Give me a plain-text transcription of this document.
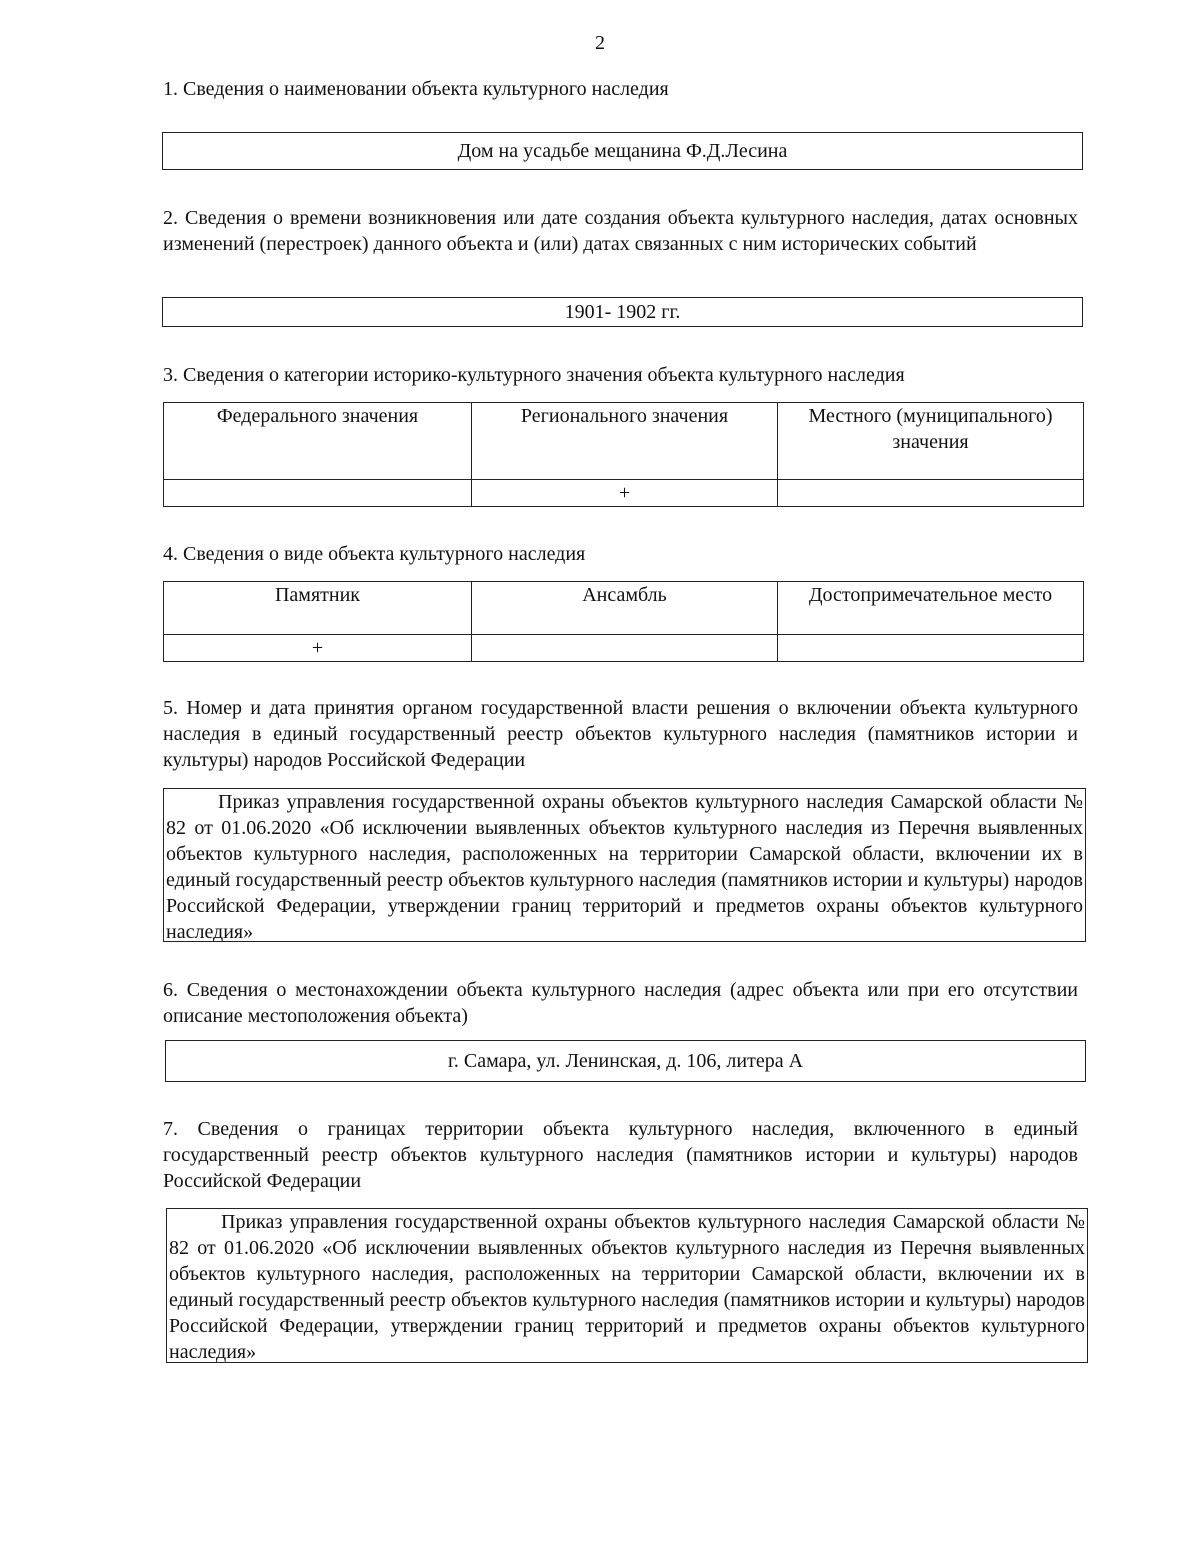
2
1. Сведения о наименовании объекта культурного наследия
Дом на усадьбе мещанина Ф.Д.Лесина
2. Сведения о времени возникновения или дате создания объекта культурного наследия, датах основных изменений (перестроек) данного объекта и (или) датах связанных с ним исторических событий
1901- 1902 гг.
3. Сведения о категории историко-культурного значения объекта культурного наследия
Федерального значения	Регионального значения	Местного (муниципального) значения
	+	
4. Сведения о виде объекта культурного наследия
Памятник	Ансамбль	Достопримечательное место
+		
5. Номер и дата принятия органом государственной власти решения о включении объекта культурного наследия в единый государственный реестр объектов культурного наследия (памятников истории и культуры) народов Российской Федерации
Приказ управления государственной охраны объектов культурного наследия Самарской области № 82 от 01.06.2020 «Об исключении выявленных объектов культурного наследия из Перечня выявленных объектов культурного наследия, расположенных на территории Самарской области, включении их в единый государственный реестр объектов культурного наследия (памятников истории и культуры) народов Российской Федерации, утверждении границ территорий и предметов охраны объектов культурного наследия»
6. Сведения о местонахождении объекта культурного наследия (адрес объекта или при его отсутствии описание местоположения объекта)
г. Самара, ул. Ленинская, д. 106, литера А
7. Сведения о границах территории объекта культурного наследия, включенного в единый государственный реестр объектов культурного наследия (памятников истории и культуры) народов Российской Федерации
Приказ управления государственной охраны объектов культурного наследия Самарской области № 82 от 01.06.2020 «Об исключении выявленных объектов культурного наследия из Перечня выявленных объектов культурного наследия, расположенных на территории Самарской области, включении их в единый государственный реестр объектов культурного наследия (памятников истории и культуры) народов Российской Федерации, утверждении границ территорий и предметов охраны объектов культурного наследия»
